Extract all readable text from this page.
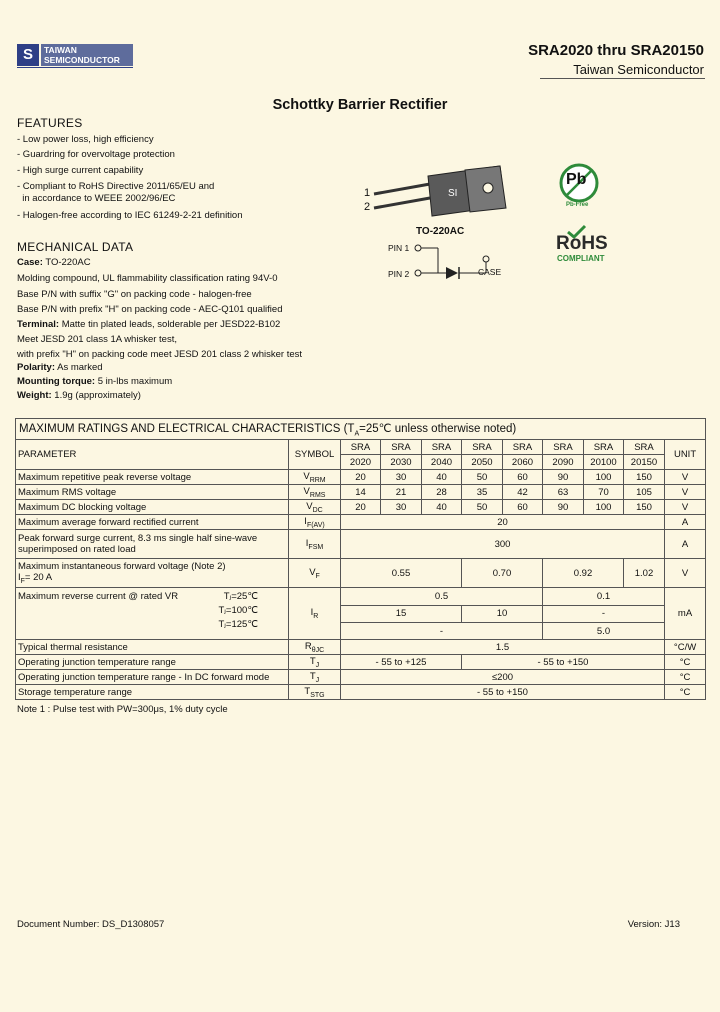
S	TAIWAN
SEMICONDUCTOR
SRA2020 thru SRA20150
Taiwan Semiconductor
Schottky Barrier Rectifier
FEATURES
- Low power loss, high efficiency
- Guardring for overvoltage protection
- High surge current capability
- Compliant to RoHS Directive 2011/65/EU and
in accordance to WEEE 2002/96/EC
- Halogen-free according to IEC 61249-2-21 definition
SI
1
2
TO-220AC
PIN 1
PIN 2	CASE
Pb
Pb-Free
RoHS
COMPLIANT
MECHANICAL DATA
Case: TO-220AC
Molding compound, UL flammability classification rating 94V-0
Base P/N with suffix "G" on packing code - halogen-free
Base P/N with prefix "H" on packing code - AEC-Q101 qualified
Terminal: Matte tin plated leads, solderable per JESD22-B102
Meet JESD 201 class 1A whisker test,
with prefix "H" on packing code meet JESD 201 class 2 whisker test
Polarity: As marked
Mounting torque: 5 in-lbs maximum
Weight: 1.9g (approximately)
MAXIMUM RATINGS AND ELECTRICAL CHARACTERISTICS ($T_A=25℃$ unless otherwise noted)										
PARAMETER	SYMBOL	SRA	SRA	SRA	SRA	SRA	SRA	SRA	SRA	UNIT
		2020	2030	2040	2050	2060	2090	20100	20150	
Maximum repetitive peak reverse voltage	$V_{RRM}$	20	30	40	50	60	90	100	150	V
Maximum RMS voltage	$V_{RMS}$	14	21	28	35	42	63	70	105	V
Maximum DC blocking voltage	$V_{DC}$	20	30	40	50	60	90	100	150	V
Maximum average forward rectified current	$I_{F(AV)}$	20								A

Peak forward surge current, 8.3 ms single half sine-wave
superimposed on rated load	$I_{FSM}$	300								A

Maximum instantaneous forward voltage (Note 2)
$I_F= 20$ A	$V_F$	0.55			0.70		0.92		1.02	V

Maximum reverse current @ rated VR Tⱼ=25℃
Tⱼ=100℃
Tⱼ=125℃	$I_R$	0.5					0.1			mA
		15			10		-			
		-					5.0			
Typical thermal resistance	$R_{\theta JC}$	1.5								°C/W
Operating junction temperature range	$T_J$	- 55 to +125			- 55 to +150					°C
Operating junction temperature range - In DC forward mode	$T_J$	≤200								°C
Storage temperature range	$T_{STG}$	- 55 to +150								°C
Note 1 : Pulse test with PW=300μs, 1% duty cycle
Document Number: DS_D1308057	Version: J13
